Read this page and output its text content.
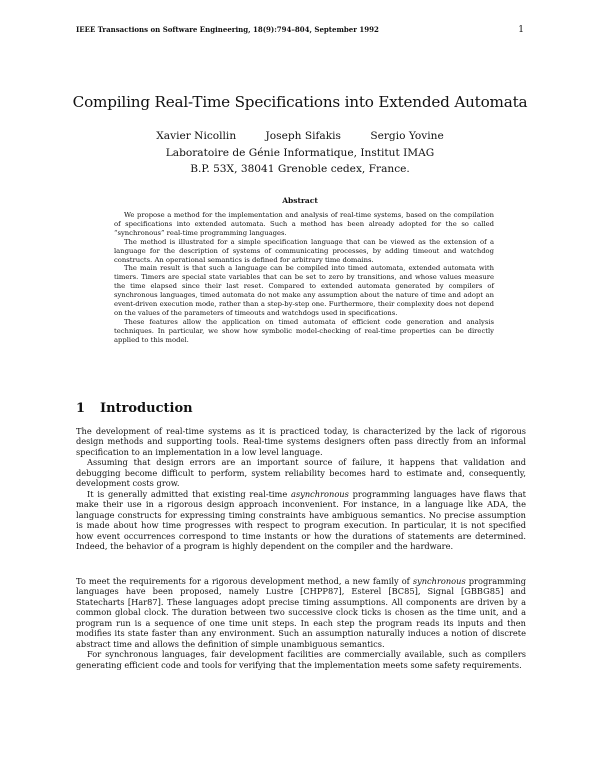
IEEE Transactions on Software Engineering, 18(9):794–804, September 1992	1
Compiling Real-Time Specifications into Extended Automata
Xavier Nicollin	Joseph Sifakis	Sergio Yovine
Laboratoire de Génie Informatique, Institut IMAG
B.P. 53X, 38041 Grenoble cedex, France.
Abstract

We propose a method for the implementation and analysis of real-time systems, based on the compilation of specifications into extended automata. Such a method has been already adopted for the so called “synchronous” real-time programming languages.

The method is illustrated for a simple specification language that can be viewed as the extension of a language for the description of systems of communicating processes, by adding timeout and watchdog constructs. An operational semantics is defined for arbitrary time domains.

The main result is that such a language can be compiled into timed automata, extended automata with timers. Timers are special state variables that can be set to zero by transitions, and whose values measure the time elapsed since their last reset. Compared to extended automata generated by compilers of synchronous languages, timed automata do not make any assumption about the nature of time and adopt an event-driven execution mode, rather than a step-by-step one. Furthermore, their complexity does not depend on the values of the parameters of timeouts and watchdogs used in specifications.

These features allow the application on timed automata of efficient code generation and analysis techniques. In particular, we show how symbolic model-checking of real-time properties can be directly applied to this model.

1 Introduction

The development of real-time systems as it is practiced today, is characterized by the lack of rigorous design methods and supporting tools. Real-time systems designers often pass directly from an informal specification to an implementation in a low level language.

Assuming that design errors are an important source of failure, it happens that validation and debugging become difficult to perform, system reliability becomes hard to estimate and, consequently, development costs grow.

It is generally admitted that existing real-time asynchronous programming languages have flaws that make their use in a rigorous design approach inconvenient. For instance, in a language like ADA, the language constructs for expressing timing constraints have ambiguous semantics. No precise assumption is made about how time progresses with respect to program execution. In particular, it is not specified how event occurrences correspond to time instants or how the durations of statements are determined. Indeed, the behavior of a program is highly dependent on the compiler and the hardware.

To meet the requirements for a rigorous development method, a new family of synchronous programming languages have been proposed, namely Lustre [CHPP87], Esterel [BC85], Signal [GBBG85] and Statecharts [Har87]. These languages adopt precise timing assumptions. All components are driven by a common global clock. The duration between two successive clock ticks is chosen as the time unit, and a program run is a sequence of one time unit steps. In each step the program reads its inputs and then modifies its state faster than any environment. Such an assumption naturally induces a notion of discrete abstract time and allows the definition of simple unambiguous semantics.

For synchronous languages, fair development facilities are commercially available, such as compilers generating efficient code and tools for verifying that the implementation meets some safety requirements.
